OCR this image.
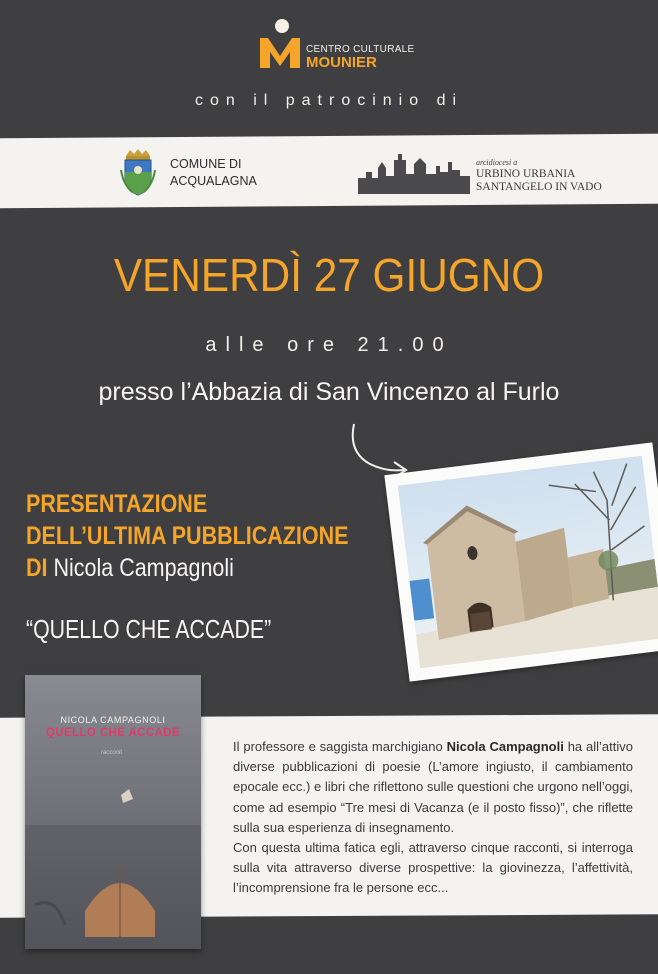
CENTRO CULTURALE
MOUNIER
con il patrocinio di
COMUNE DI
ACQUALAGNA
arcidiocesi a
URBINO URBANIA
SANTANGELO IN VADO
VENERDÌ 27 GIUGNO
alle ore 21.00
presso l’Abbazia di San Vincenzo al Furlo
PRESENTAZIONE
DELL’ULTIMA PUBBLICAZIONE
DI Nicola Campagnoli
“QUELLO CHE ACCADE”
NICOLA CAMPAGNOLI
QUELLO CHE ACCADE
racconti	Il professore e saggista marchigiano Nicola Campagnoli ha all’attivo diverse pubblicazioni di poesie (L’amore ingiusto, il cambiamento epocale ecc.) e libri che riflettono sulle questioni che urgono nell’oggi, come ad esempio “Tre mesi di Vacanza (e il posto fisso)”, che riflette sulla sua esperienza di insegnamento.
Con questa ultima fatica egli, attraverso cinque racconti, si interroga sulla vita attraverso diverse prospettive: la giovinezza, l’affettività, l’incomprensione fra le persone ecc...
